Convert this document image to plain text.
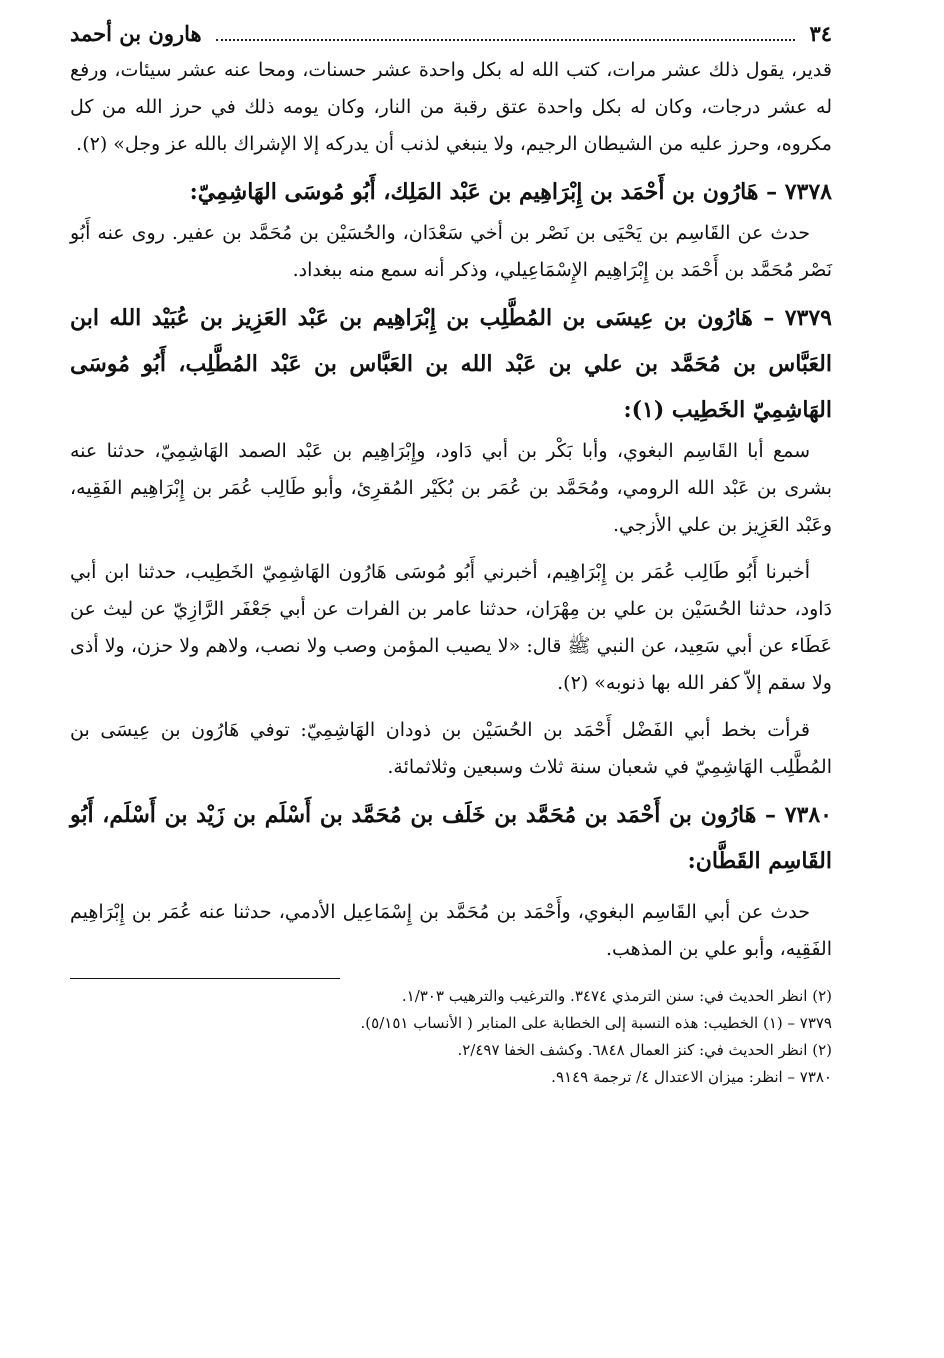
٣٤
هارون بن أحمد

قدير، يقول ذلك عشر مرات، كتب الله له بكل واحدة عشر حسنات، ومحا عنه عشر سيئات، ورفع له عشر درجات، وكان له بكل واحدة عتق رقبة من النار، وكان يومه ذلك في حرز الله من كل مكروه، وحرز عليه من الشيطان الرجيم، ولا ينبغي لذنب أن يدركه إلا الإشراك بالله عز وجل» (٢).

٧٣٧٨ – هَارُون بن أَحْمَد بن إِبْرَاهِيم بن عَبْد المَلِك، أَبُو مُوسَى الهَاشِمِيّ:

حدث عن القَاسِم بن يَحْيَى بن نَصْر بن أخي سَعْدَان، والحُسَيْن بن مُحَمَّد بن عفير. روى عنه أَبُو نَصْر مُحَمَّد بن أَحْمَد بن إِبْرَاهِيم الإِسْمَاعِيلي، وذكر أنه سمع منه ببغداد.

٧٣٧٩ – هَارُون بن عِيسَى بن المُطَّلِب بن إِبْرَاهِيم بن عَبْد العَزِيز بن عُبَيْد الله ابن العَبَّاس بن مُحَمَّد بن علي بن عَبْد الله بن العَبَّاس بن عَبْد المُطَّلِب، أَبُو مُوسَى الهَاشِمِيّ الخَطِيب (١):

سمع أبا القَاسِم البغوي، وأبا بَكْر بن أبي دَاود، وإِبْرَاهِيم بن عَبْد الصمد الهَاشِمِيّ، حدثنا عنه بشرى بن عَبْد الله الرومي، ومُحَمَّد بن عُمَر بن بُكَيْر المُقرِئ، وأبو طَالِب عُمَر بن إِبْرَاهِيم الفَقِيه، وعَبْد العَزِيز بن علي الأزجي.

أخبرنا أَبُو طَالِب عُمَر بن إِبْرَاهِيم، أخبرني أَبُو مُوسَى هَارُون الهَاشِمِيّ الخَطِيب، حدثنا ابن أبي دَاود، حدثنا الحُسَيْن بن علي بن مِهْرَان، حدثنا عامر بن الفرات عن أبي جَعْفَر الرَّازِيّ عن ليث عن عَطَاء عن أبي سَعِيد، عن النبي ﷺ قال: «لا يصيب المؤمن وصب ولا نصب، ولاهم ولا حزن، ولا أذى ولا سقم إلاّ كفر الله بها ذنوبه» (٢).

قرأت بخط أبي الفَضْل أَحْمَد بن الحُسَيْن بن ذودان الهَاشِمِيّ: توفي هَارُون بن عِيسَى بن المُطَّلِب الهَاشِمِيّ في شعبان سنة ثلاث وسبعين وثلاثمائة.

٧٣٨٠ – هَارُون بن أَحْمَد بن مُحَمَّد بن خَلَف بن مُحَمَّد بن أَسْلَم بن زَيْد بن أَسْلَم، أَبُو القَاسِم القَطَّان:

حدث عن أبي القَاسِم البغوي، وأَحْمَد بن مُحَمَّد بن إِسْمَاعِيل الأدمي، حدثنا عنه عُمَر بن إِبْرَاهِيم الفَقِيه، وأبو علي بن المذهب.

(٢) انظر الحديث في: سنن الترمذي ٣٤٧٤. والترغيب والترهيب ١/٣٠٣.

٧٣٧٩ – (١) الخطيب: هذه النسبة إلى الخطابة على المنابر ( الأنساب ٥/١٥١).

(٢) انظر الحديث في: كنز العمال ٦٨٤٨. وكشف الخفا ٢/٤٩٧.

٧٣٨٠ – انظر: ميزان الاعتدال ٤/ ترجمة ٩١٤٩.
